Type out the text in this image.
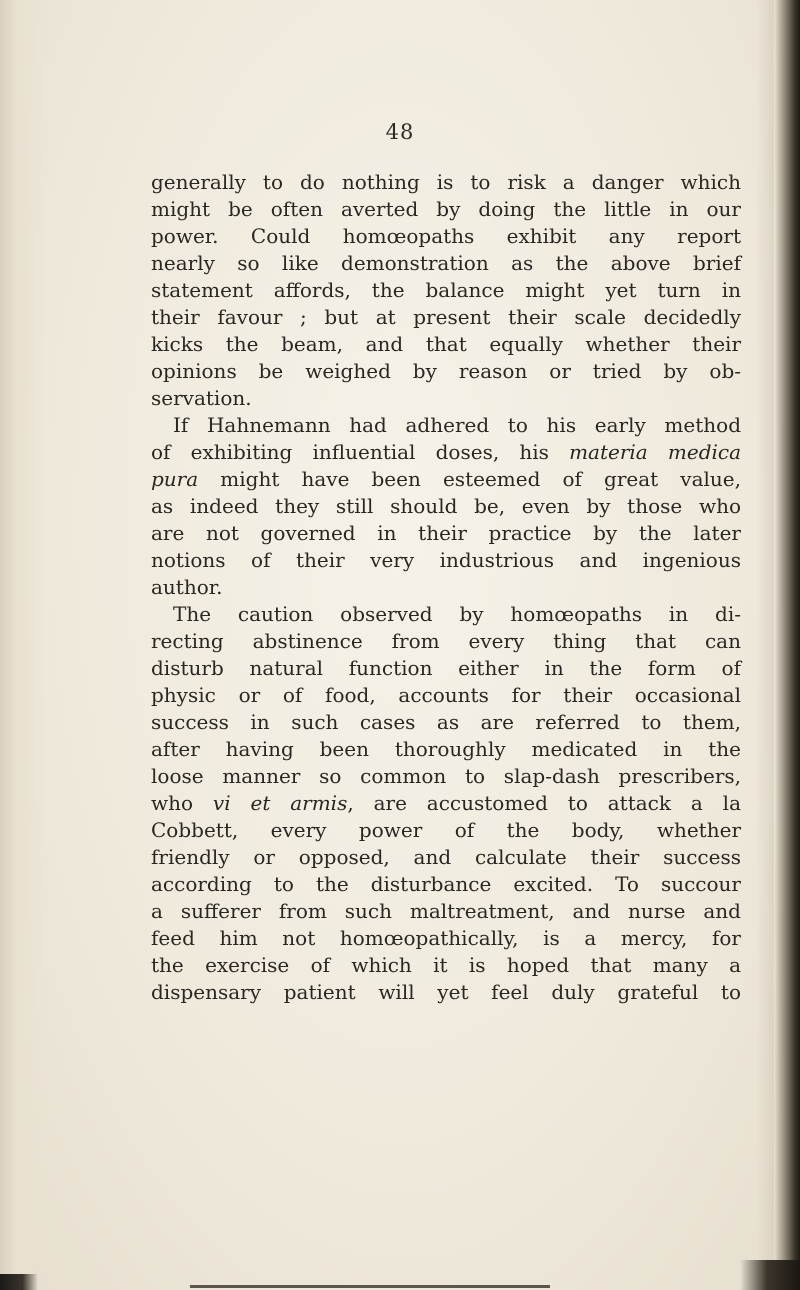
48
generally to do nothing is to risk a danger which
might be often averted by doing the little in our
power. Could homœopaths exhibit any report
nearly so like demonstration as the above brief
statement affords, the balance might yet turn in
their favour ; but at present their scale decidedly
kicks the beam, and that equally whether their
opinions be weighed by reason or tried by ob-
servation.
If Hahnemann had adhered to his early method
of exhibiting influential doses, his materia medica
pura might have been esteemed of great value,
as indeed they still should be, even by those who
are not governed in their practice by the later
notions of their very industrious and ingenious
author.
The caution observed by homœopaths in di-
recting abstinence from every thing that can
disturb natural function either in the form of
physic or of food, accounts for their occasional
success in such cases as are referred to them,
after having been thoroughly medicated in the
loose manner so common to slap-dash prescribers,
who vi et armis, are accustomed to attack a la
Cobbett, every power of the body, whether
friendly or opposed, and calculate their success
according to the disturbance excited. To succour
a sufferer from such maltreatment, and nurse and
feed him not homœopathically, is a mercy, for
the exercise of which it is hoped that many a
dispensary patient will yet feel duly grateful to
